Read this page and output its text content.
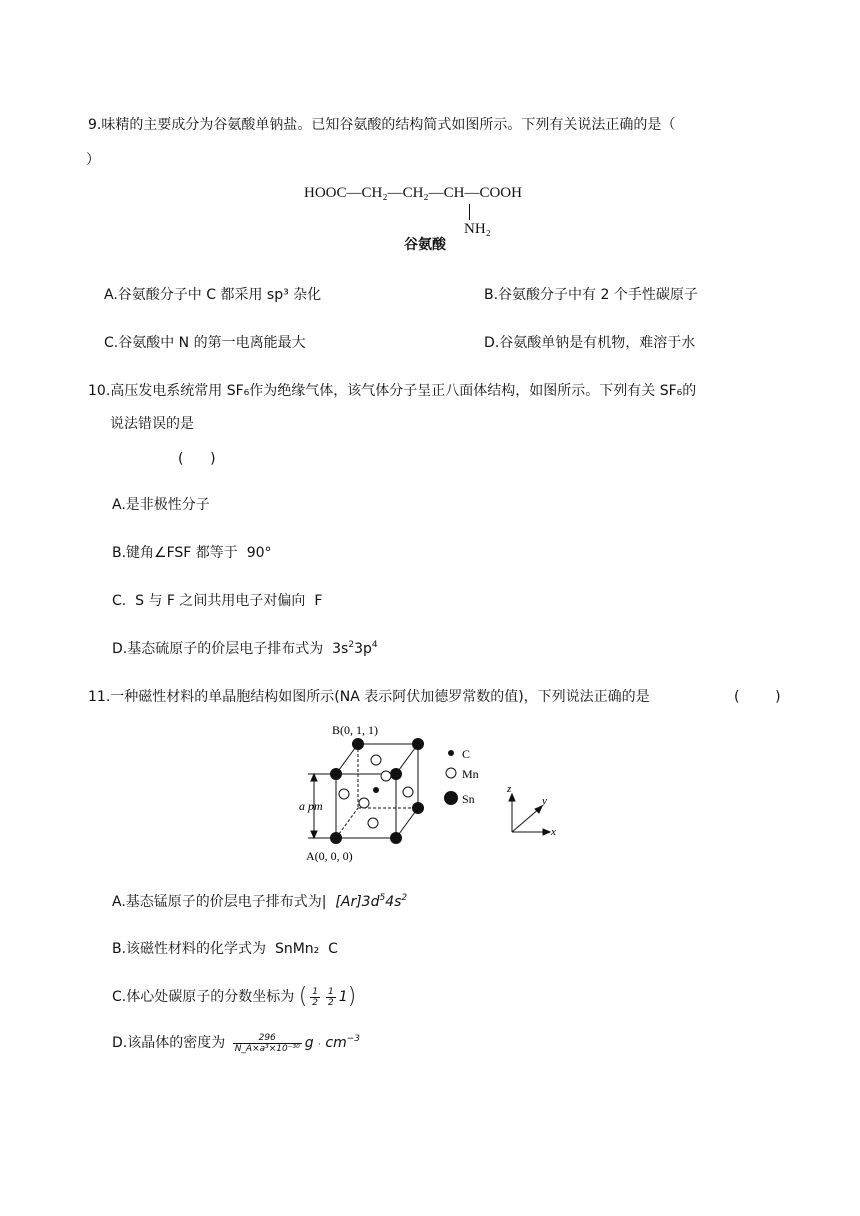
9.味精的主要成分为谷氨酸单钠盐。已知谷氨酸的结构简式如图所示。下列有关说法正确的是（
）
HOOC—CH₂—CH₂—CH—COOH
NH₂
谷氨酸
A.谷氨酸分子中 C 都采用 sp³ 杂化	B.谷氨酸分子中有 2 个手性碳原子
C.谷氨酸中 N 的第一电离能最大	D.谷氨酸单钠是有机物，难溶于水
10.高压发电系统常用 SF₆作为绝缘气体，该气体分子呈正八面体结构，如图所示。下列有关 SF₆的
说法错误的是
(      )
A.是非极性分子
B.键角∠FSF 都等于  90°
C.  S 与 F 之间共用电子对偏向  F
D.基态硫原子的价层电子排布式为  $3s^23p^4$
11.一种磁性材料的单晶胞结构如图所示(NA 表示阿伏加德罗常数的值)，下列说法正确的是	(        )
a pm
B(0, 1, 1)
A(0, 0, 0)
C
Mn
Sn
z
y
x
A.基态锰原子的价层电子排布式为|  $[Ar]3d^54s^2$
B.该磁性材料的化学式为  SnMn₂  C
C.体心处碳原子的分数坐标为 ( $\frac{1}{2} \frac{1}{2} 1$)
D.该晶体的密度为 $\frac{296}{\text{N\_A×a³×10⁻³⁰}}$ $g \cdot cm^{-3}$
